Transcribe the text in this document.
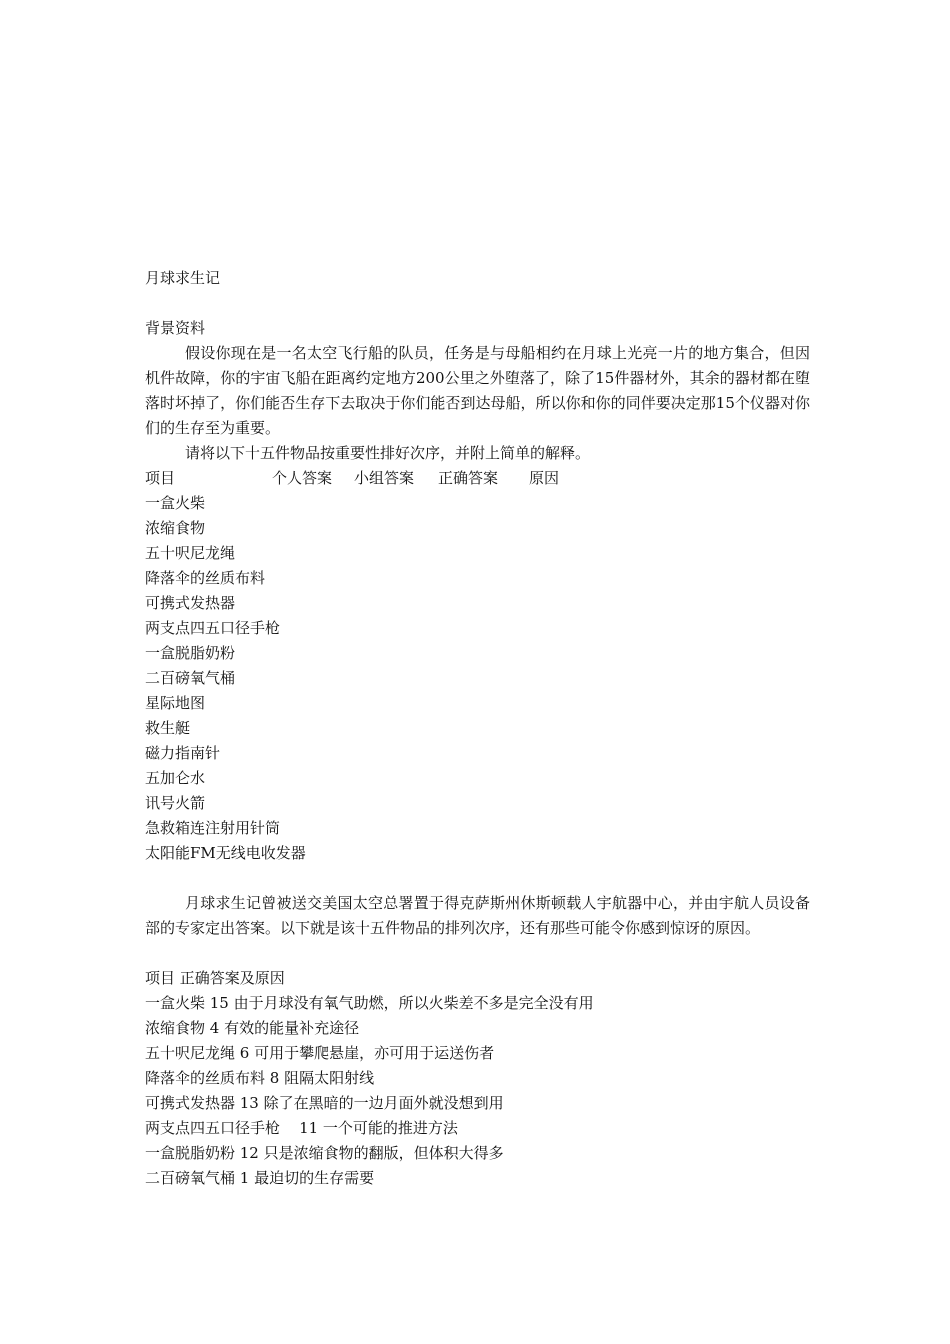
月球求生记
背景资料
假设你现在是一名太空飞行船的队员，任务是与母船相约在月球上光亮一片的地方集合，但因机件故障，你的宇宙飞船在距离约定地方200公里之外堕落了，除了15件器材外，其余的器材都在堕落时坏掉了，你们能否生存下去取决于你们能否到达母船，所以你和你的同伴要决定那15个仪器对你们的生存至为重要。
请将以下十五件物品按重要性排好次序，并附上简单的解释。
项目	个人答案 小组答案 正确答案 原因
一盒火柴
浓缩食物
五十呎尼龙绳
降落伞的丝质布料
可携式发热器
两支点四五口径手枪
一盒脱脂奶粉
二百磅氧气桶
星际地图
救生艇
磁力指南针
五加仑水
讯号火箭
急救箱连注射用针筒
太阳能FM无线电收发器
月球求生记曾被送交美国太空总署置于得克萨斯州休斯顿载人宇航器中心，并由宇航人员设备部的专家定出答案。以下就是该十五件物品的排列次序，还有那些可能令你感到惊讶的原因。
项目 正确答案及原因
一盒火柴 15 由于月球没有氧气助燃，所以火柴差不多是完全没有用
浓缩食物 4 有效的能量补充途径
五十呎尼龙绳 6 可用于攀爬悬崖，亦可用于运送伤者
降落伞的丝质布料 8 阻隔太阳射线
可携式发热器 13 除了在黑暗的一边月面外就没想到用
两支点四五口径手枪    11 一个可能的推进方法
一盒脱脂奶粉 12 只是浓缩食物的翻版，但体积大得多
二百磅氧气桶 1 最迫切的生存需要
